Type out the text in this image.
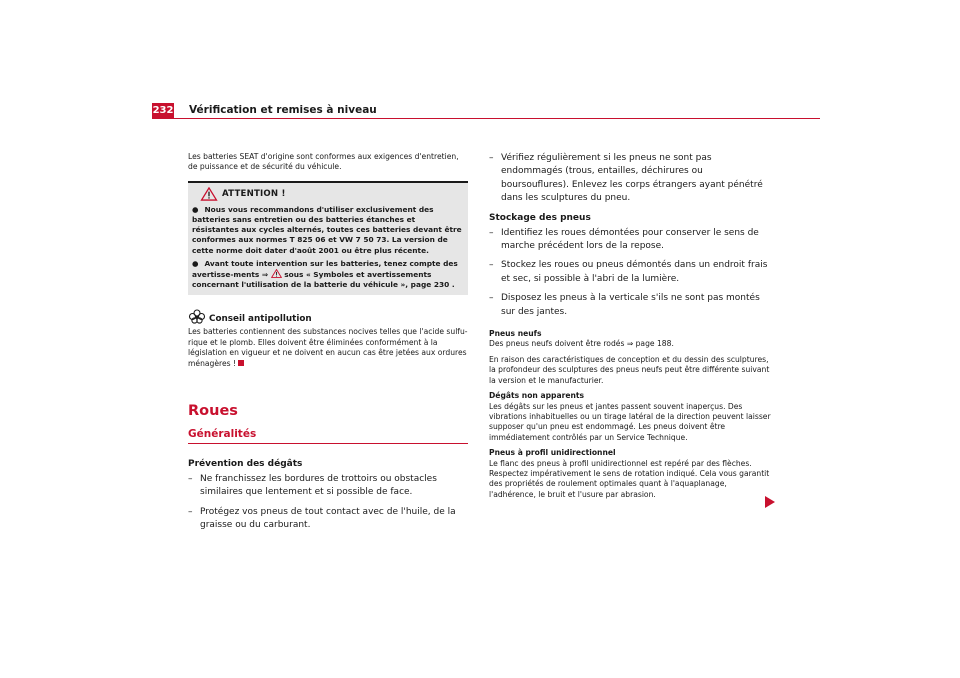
232 Vérification et remises à niveau

Les batteries SEAT d'origine sont conformes aux exigences d'entretien, de puissance et de sécurité du véhicule.

ATTENTION !

● Nous vous recommandons d'utiliser exclusivement des batteries sans entretien ou des batteries étanches et résistantes aux cycles alternés, toutes ces batteries devant être conformes aux normes T 825 06 et VW 7 50 73. La version de cette norme doit dater d'août 2001 ou être plus récente.

● Avant toute intervention sur les batteries, tenez compte des avertisse-ments ⇒ sous « Symboles et avertissements concernant l'utilisation de la batterie du véhicule », page 230 .

Conseil antipollution

Les batteries contiennent des substances nocives telles que l'acide sulfu-rique et le plomb. Elles doivent être éliminées conformément à la législation en vigueur et ne doivent en aucun cas être jetées aux ordures ménagères !

Roues
Généralités
Prévention des dégâts
– Ne franchissez les bordures de trottoirs ou obstacles similaires que lentement et si possible de face.
– Protégez vos pneus de tout contact avec de l'huile, de la graisse ou du carburant.
– Vérifiez régulièrement si les pneus ne sont pas endommagés (trous, entailles, déchirures ou boursouflures). Enlevez les corps étrangers ayant pénétré dans les sculptures du pneu.
Stockage des pneus
– Identifiez les roues démontées pour conserver le sens de marche précédent lors de la repose.
– Stockez les roues ou pneus démontés dans un endroit frais et sec, si possible à l'abri de la lumière.
– Disposez les pneus à la verticale s'ils ne sont pas montés sur des jantes.

Pneus neufs

Des pneus neufs doivent être rodés ⇒ page 188.

En raison des caractéristiques de conception et du dessin des sculptures, la profondeur des sculptures des pneus neufs peut être différente suivant la version et le manufacturier.

Dégâts non apparents

Les dégâts sur les pneus et jantes passent souvent inaperçus. Des vibrations inhabituelles ou un tirage latéral de la direction peuvent laisser supposer qu'un pneu est endommagé. Les pneus doivent être immédiatement contrôlés par un Service Technique.

Pneus à profil unidirectionnel

Le flanc des pneus à profil unidirectionnel est repéré par des flèches. Respectez impérativement le sens de rotation indiqué. Cela vous garantit des propriétés de roulement optimales quant à l'aquaplanage, l'adhérence, le bruit et l'usure par abrasion.
